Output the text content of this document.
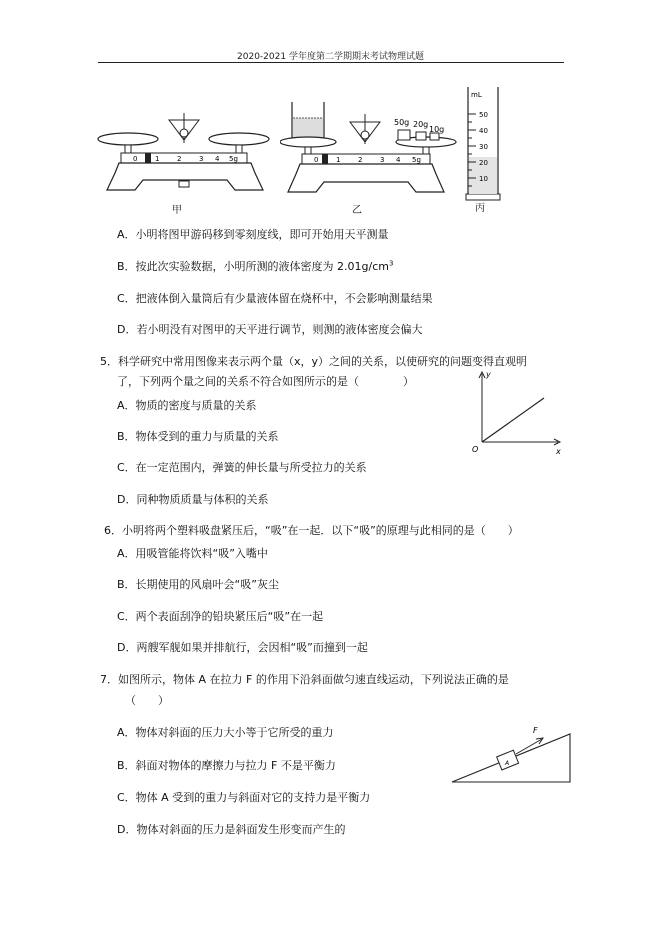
2020-2021 学年度第二学期期末考试物理试题
0	1	2	3 4 5g
甲
50g 20g
10g
0	1	2	3 4 5g
乙
mL
50
40
30
20
10
丙
A．小明将图甲游码移到零刻度线，即可开始用天平测量
B．按此次实验数据，小明所测的液体密度为 $2.01g/cm^3$
C．把液体倒入量筒后有少量液体留在烧杯中，不会影响测量结果
D．若小明没有对图甲的天平进行调节，则测的液体密度会偏大
5．科学研究中常用图像来表示两个量（x，y）之间的关系，以使研究的问题变得直观明
了，下列两个量之间的关系不符合如图所示的是（　　　　）
A．物质的密度与质量的关系
B．物体受到的重力与质量的关系
C．在一定范围内，弹簧的伸长量与所受拉力的关系
D．同种物质质量与体积的关系
y
x
O
6．小明将两个塑料吸盘紧压后，“吸”在一起．以下“吸”的原理与此相同的是（　　）
A．用吸管能将饮料“吸”入嘴中
B．长期使用的风扇叶会“吸”灰尘
C．两个表面刮净的铅块紧压后“吸”在一起
D．两艘军舰如果并排航行，会因相“吸”而撞到一起
7．如图所示，物体 A 在拉力 F 的作用下沿斜面做匀速直线运动，下列说法正确的是
（　　）
A．物体对斜面的压力大小等于它所受的重力
B．斜面对物体的摩擦力与拉力 F 不是平衡力
C．物体 A 受到的重力与斜面对它的支持力是平衡力
D．物体对斜面的压力是斜面发生形变而产生的
A
F
